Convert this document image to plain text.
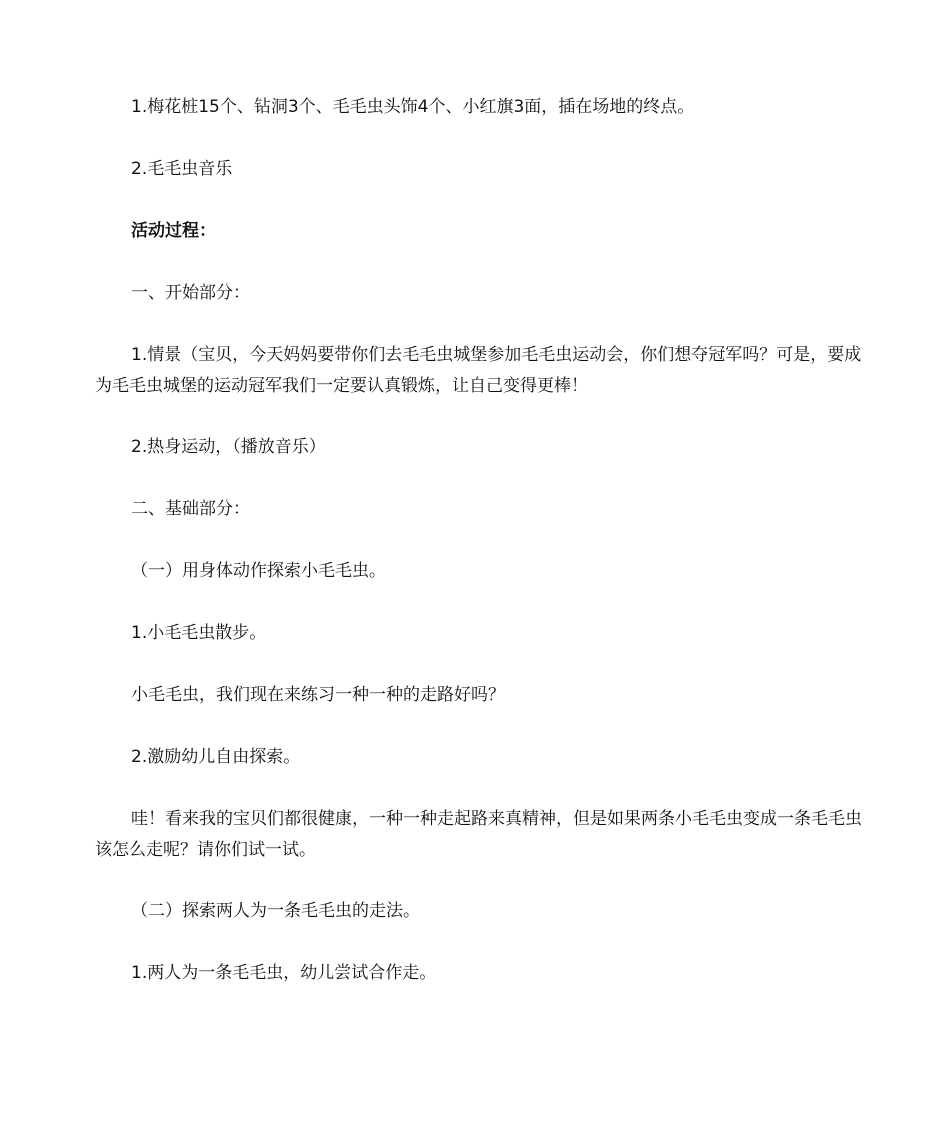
1.梅花桩15个、钻洞3个、毛毛虫头饰4个、小红旗3面，插在场地的终点。

2.毛毛虫音乐

活动过程：

一、开始部分：

1.情景（宝贝，今天妈妈要带你们去毛毛虫城堡参加毛毛虫运动会，你们想夺冠军吗？可是，要成为毛毛虫城堡的运动冠军我们一定要认真锻炼，让自己变得更棒！

2.热身运动，（播放音乐）

二、基础部分：

（一）用身体动作探索小毛毛虫。

1.小毛毛虫散步。

小毛毛虫，我们现在来练习一种一种的走路好吗？

2.激励幼儿自由探索。

哇！看来我的宝贝们都很健康，一种一种走起路来真精神，但是如果两条小毛毛虫变成一条毛毛虫该怎么走呢？请你们试一试。

（二）探索两人为一条毛毛虫的走法。

1.两人为一条毛毛虫，幼儿尝试合作走。
